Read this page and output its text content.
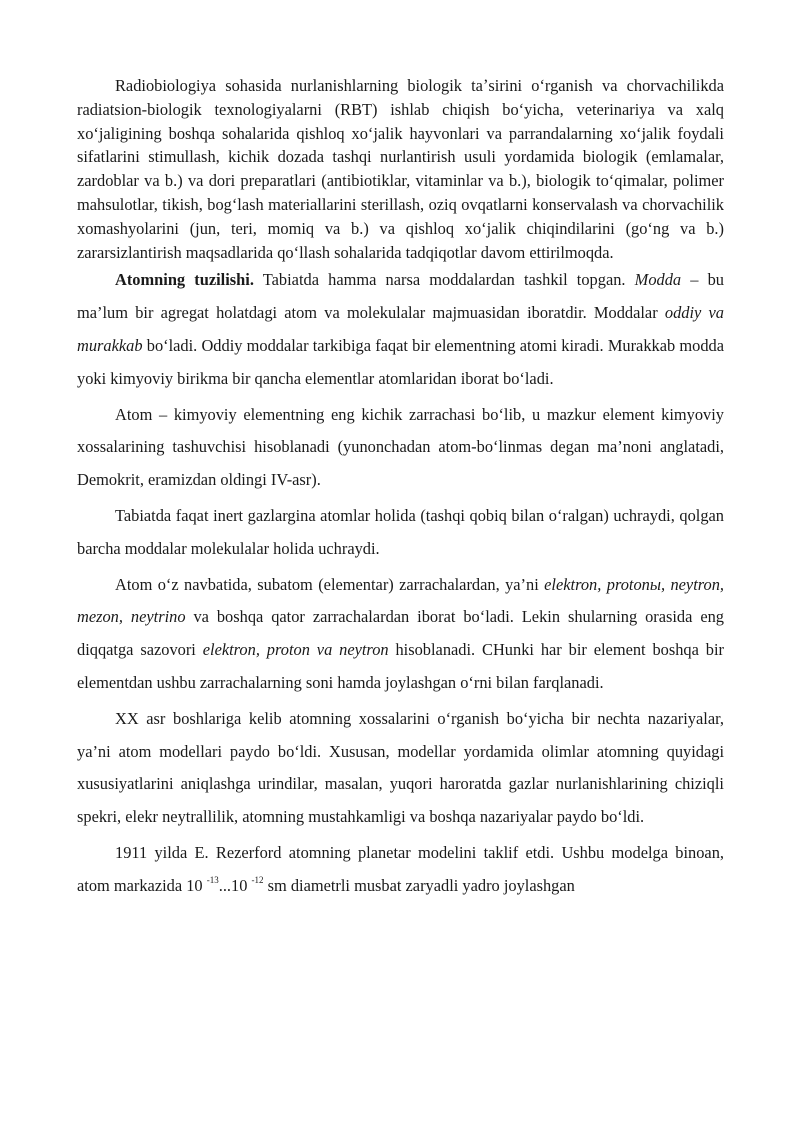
Radiobiologiya sohasida nurlanishlarning biologik taʼsirini oʻrganish va chorvachilikda radiatsion-biologik texnologiyalarni (RBT) ishlab chiqish boʻyicha, veterinariya va xalq xoʻjaligining boshqa sohalarida qishloq xoʻjalik hayvonlari va parrandalarning xoʻjalik foydali sifatlarini stimullash, kichik dozada tashqi nurlantirish usuli yordamida biologik (emlamalar, zardoblar va b.) va dori preparatlari (antibiotiklar, vitaminlar va b.), biologik toʻqimalar, polimer mahsulotlar, tikish, bogʻlash materiallarini sterillash, oziq ovqatlarni konservalash va chorvachilik xomashyolarini (jun, teri, momiq va b.) va qishloq xoʻjalik chiqindilarini (goʻng va b.) zararsizlantirish maqsadlarida qoʻllash sohalarida tadqiqotlar davom ettirilmoqda.

Atomning tuzilishi. Tabiatda hamma narsa moddalardan tashkil topgan. Modda – bu ma’lum bir agregat holatdagi atom va molekulalar majmuasidan iboratdir. Moddalar oddiy va murakkab boʻladi. Oddiy moddalar tarkibiga faqat bir elementning atomi kiradi. Murakkab modda yoki kimyoviy birikma bir qancha elementlar atomlaridan iborat boʻladi.

Atom – kimyoviy elementning eng kichik zarrachasi boʻlib, u mazkur element kimyoviy xossalarining tashuvchisi hisoblanadi (yunonchadan atom-boʻlinmas degan ma’noni anglatadi, Demokrit, eramizdan oldingi IV-asr).

Tabiatda faqat inert gazlargina atomlar holida (tashqi qobiq bilan oʻralgan) uchraydi, qolgan barcha moddalar molekulalar holida uchraydi.

Atom oʻz navbatida, subatom (elementar) zarrachalardan, ya’ni elektron, protonы, neytron, mezon, neytrino va boshqa qator zarrachalardan iborat boʻladi. Lekin shularning orasida eng diqqatga sazovori elektron, proton va neytron hisoblanadi. CHunki har bir element boshqa bir elementdan ushbu zarrachalarning soni hamda joylashgan oʻrni bilan farqlanadi.

XX asr boshlariga kelib atomning xossalarini oʻrganish boʻyicha bir nechta nazariyalar, ya’ni atom modellari paydo boʻldi. Xususan, modellar yordamida olimlar atomning quyidagi xususiyatlarini aniqlashga urindilar, masalan, yuqori haroratda gazlar nurlanishlarining chiziqli spekri, elekr neytrallilik, atomning mustahkamligi va boshqa nazariyalar paydo boʻldi.

1911 yilda E. Rezerford atomning planetar modelini taklif etdi. Ushbu modelga binoan, atom markazida 10 $^{-13}$...10 $^{-12}$ sm diametrli musbat zaryadli yadro joylashgan
